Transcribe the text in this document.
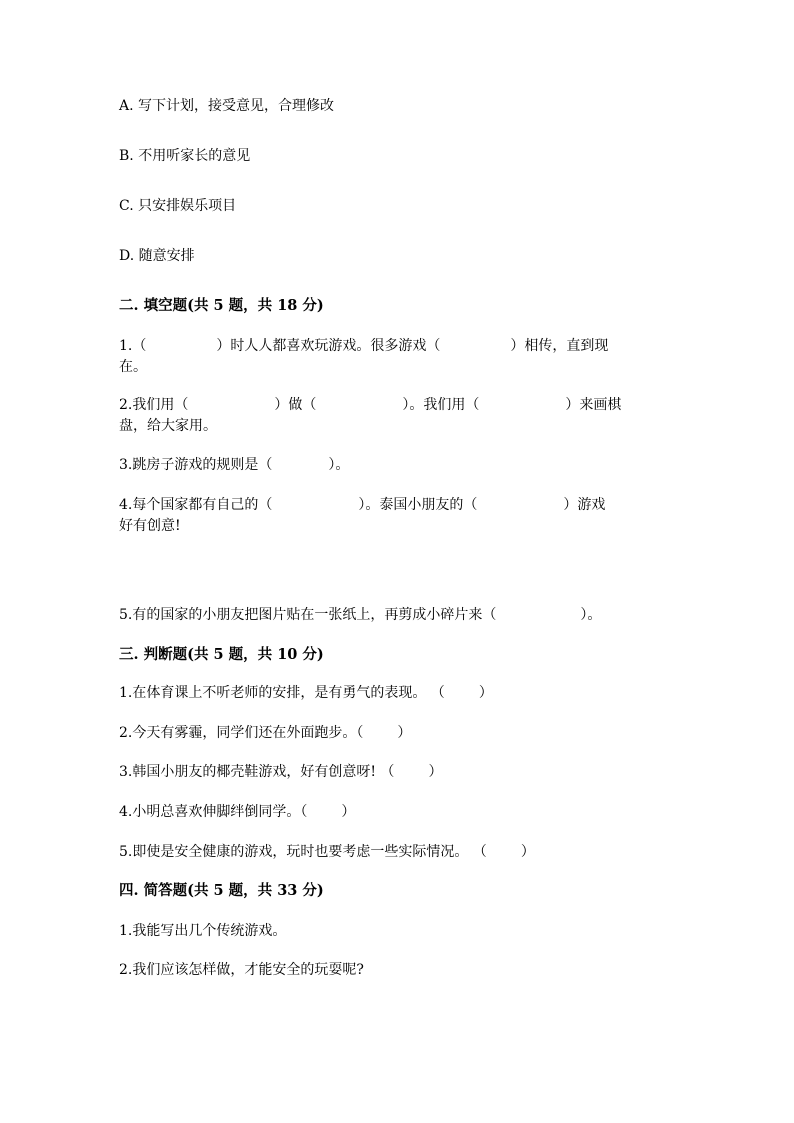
A. 写下计划，接受意见，合理修改
B. 不用听家长的意见
C. 只安排娱乐项目
D. 随意安排
二. 填空题(共 5 题，共 18 分)
1.（	）时人人都喜欢玩游戏。很多游戏（	）相传，直到现
在。
2.我们用（	）做（	）。我们用（	）来画棋
盘，给大家用。
3.跳房子游戏的规则是（	）。
4.每个国家都有自己的（	）。泰国小朋友的（	）游戏
好有创意!
5.有的国家的小朋友把图片贴在一张纸上，再剪成小碎片来（	）。
三. 判断题(共 5 题，共 10 分)
1.在体育课上不听老师的安排，是有勇气的表现。 （ ）
2.今天有雾霾，同学们还在外面跑步。（ ）
3.韩国小朋友的椰壳鞋游戏，好有创意呀! （ ）
4.小明总喜欢伸脚绊倒同学。（ ）
5.即使是安全健康的游戏，玩时也要考虑一些实际情况。 （ ）
四. 简答题(共 5 题，共 33 分)
1.我能写出几个传统游戏。
2.我们应该怎样做，才能安全的玩耍呢?
